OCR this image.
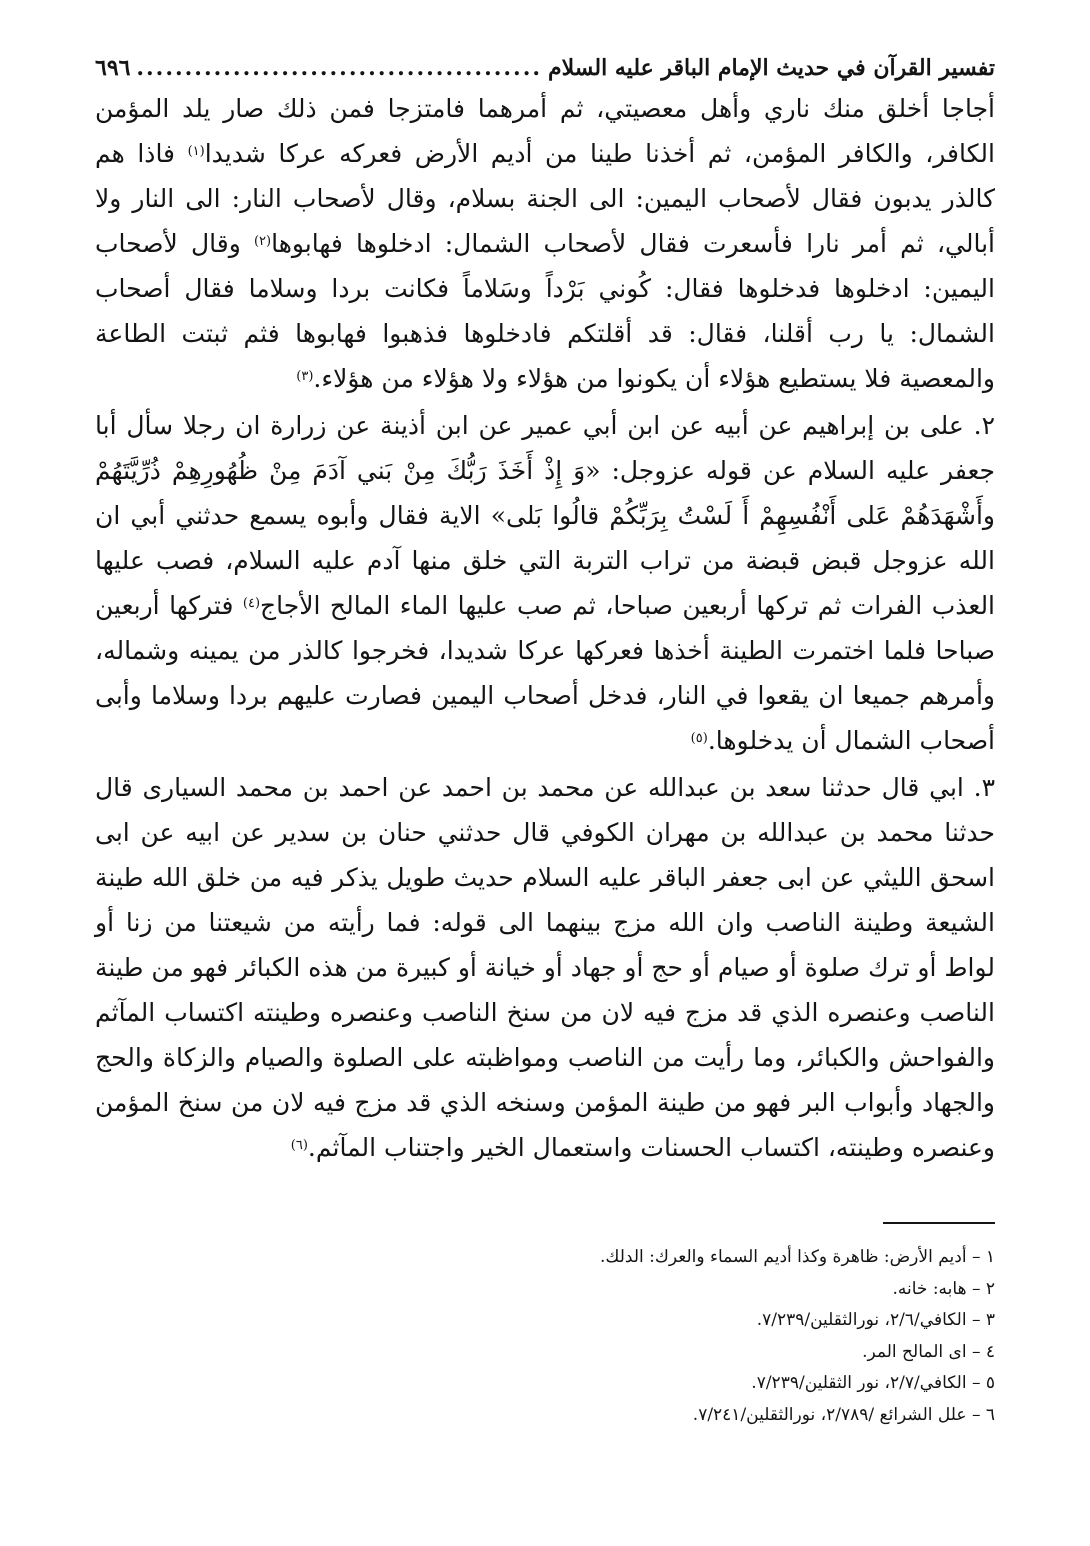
تفسير القرآن في حديث الإمام الباقر عليه السلام
..........................................
٦٩٦

أجاجا أخلق منك ناري وأهل معصيتي، ثم أمرهما فامتزجا فمن ذلك صار يلد المؤمن الكافر، والكافر المؤمن، ثم أخذنا طينا من أديم الأرض فعركه عركا شديدا$^{(١)}$ فاذا هم كالذر يدبون فقال لأصحاب اليمين: الى الجنة بسلام، وقال لأصحاب النار: الى النار ولا أبالي، ثم أمر نارا فأسعرت فقال لأصحاب الشمال: ادخلوها فهابوها$^{(٢)}$ وقال لأصحاب اليمين: ادخلوها فدخلوها فقال: كُوني بَرْداً وسَلاماً فكانت بردا وسلاما فقال أصحاب الشمال: يا رب أقلنا، فقال: قد أقلتكم فادخلوها فذهبوا فهابوها فثم ثبتت الطاعة والمعصية فلا يستطيع هؤلاء أن يكونوا من هؤلاء ولا هؤلاء من هؤلاء.$^{(٣)}$

٢. على بن إبراهيم عن أبيه عن ابن أبي عمير عن ابن أذينة عن زرارة ان رجلا سأل أبا جعفر عليه السلام عن قوله عزوجل: «وَ إِذْ أَخَذَ رَبُّكَ مِنْ بَني آدَمَ مِنْ ظُهُورِهِمْ ذُرِّيَّتَهُمْ وأَشْهَدَهُمْ عَلى أَنْفُسِهِمْ أَ لَسْتُ بِرَبِّكُمْ قالُوا بَلى» الاية فقال وأبوه يسمع حدثني أبي ان الله عزوجل قبض قبضة من تراب التربة التي خلق منها آدم عليه السلام، فصب عليها العذب الفرات ثم تركها أربعين صباحا، ثم صب عليها الماء المالح الأجاج$^{(٤)}$ فتركها أربعين صباحا فلما اختمرت الطينة أخذها فعركها عركا شديدا، فخرجوا كالذر من يمينه وشماله، وأمرهم جميعا ان يقعوا في النار، فدخل أصحاب اليمين فصارت عليهم بردا وسلاما وأبى أصحاب الشمال أن يدخلوها.$^{(٥)}$

٣. ابي قال حدثنا سعد بن عبدالله عن محمد بن احمد عن احمد بن محمد السيارى قال حدثنا محمد بن عبدالله بن مهران الكوفي قال حدثني حنان بن سدير عن ابيه عن ابى اسحق الليثي عن ابى جعفر الباقر عليه السلام حديث طويل يذكر فيه من خلق الله طينة الشيعة وطينة الناصب وان الله مزج بينهما الى قوله: فما رأيته من شيعتنا من زنا أو لواط أو ترك صلوة أو صيام أو حج أو جهاد أو خيانة أو كبيرة من هذه الكبائر فهو من طينة الناصب وعنصره الذي قد مزج فيه لان من سنخ الناصب وعنصره وطينته اكتساب المآثم والفواحش والكبائر، وما رأيت من الناصب ومواظبته على الصلوة والصيام والزكاة والحج والجهاد وأبواب البر فهو من طينة المؤمن وسنخه الذي قد مزج فيه لان من سنخ المؤمن وعنصره وطينته، اكتساب الحسنات واستعمال الخير واجتناب المآثم.$^{(٦)}$

١ – أديم الأرض: ظاهرة وكذا أديم السماء والعرك: الدلك.
٢ – هابه: خانه.
٣ – الكافي/٢/٦، نورالثقلين/٧/٢٣٩.
٤ – اى المالح المر.
٥ – الكافي/٢/٧، نور الثقلين/٧/٢٣٩.
٦ – علل الشرائع /٢/٧٨٩، نورالثقلين/٧/٢٤١.
